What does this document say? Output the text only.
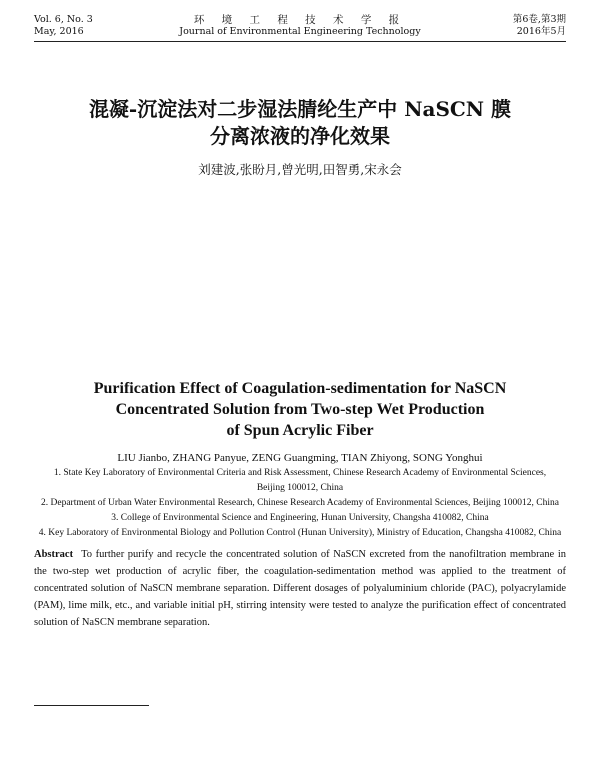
Vol. 6, No. 3
May, 2016
环 境 工 程 技 术 学 报
Journal of Environmental Engineering Technology
第6卷,第3期
2016年5月
混凝-沉淀法对二步湿法腈纶生产中 NaSCN 膜
分离浓液的净化效果
刘建波,张盼月,曾光明,田智勇,宋永会
Purification Effect of Coagulation-sedimentation for NaSCN
Concentrated Solution from Two-step Wet Production
of Spun Acrylic Fiber
LIU Jianbo, ZHANG Panyue, ZENG Guangming, TIAN Zhiyong, SONG Yonghui
1. State Key Laboratory of Environmental Criteria and Risk Assessment, Chinese Research Academy of Environmental Sciences,
Beijing 100012, China
2. Department of Urban Water Environmental Research, Chinese Research Academy of Environmental Sciences, Beijing 100012, China
3. College of Environmental Science and Engineering, Hunan University, Changsha 410082, China
4. Key Laboratory of Environmental Biology and Pollution Control (Hunan University), Ministry of Education, Changsha 410082, China
Abstract To further purify and recycle the concentrated solution of NaSCN excreted from the nanofiltration membrane in the two-step wet production of acrylic fiber, the coagulation-sedimentation method was applied to the treatment of concentrated solution of NaSCN membrane separation. Different dosages of polyaluminium chloride (PAC), polyacrylamide (PAM), lime milk, etc., and variable initial pH, stirring intensity were tested to analyze the purification effect of concentrated solution of NaSCN membrane separation.
